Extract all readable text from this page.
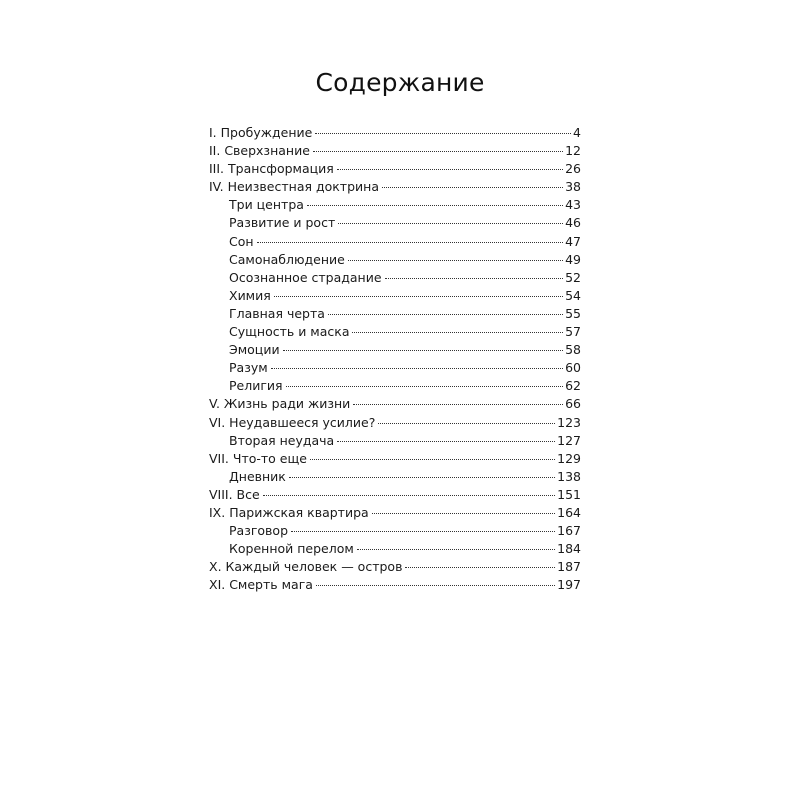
Содержание
I. Пробуждение	4
II. Сверхзнание	12
III. Трансформация	26
IV. Неизвестная доктрина	38
Три центра	43
Развитие и рост	46
Сон	47
Самонаблюдение	49
Осознанное страдание	52
Химия	54
Главная черта	55
Сущность и маска	57
Эмоции	58
Разум	60
Религия	62
V. Жизнь ради жизни	66
VI. Неудавшееся усилие?	123
Вторая неудача	127
VII. Что-то еще	129
Дневник	138
VIII. Все	151
IX. Парижская квартира	164
Разговор	167
Коренной перелом	184
X. Каждый человек — остров	187
XI. Смерть мага	197
